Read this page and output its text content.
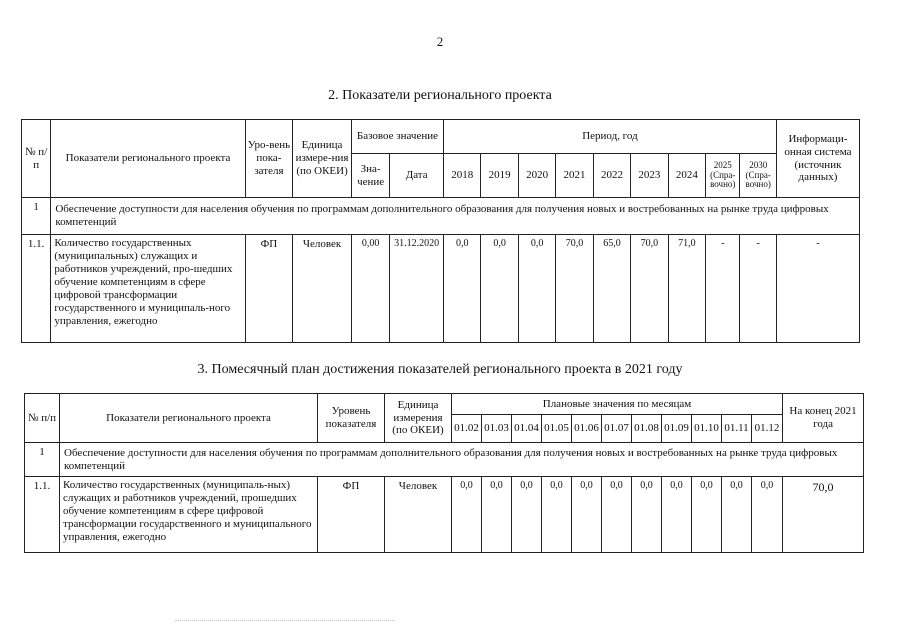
2
2. Показатели регионального проекта
№ п/п	Показатели регионального проекта	Уро-вень пока-зателя	Единица измере-ния (по ОКЕИ)	Базовое значение		Период, год									Информаци-онная система (источник данных)
				Зна-чение	Дата	2018	2019	2020	2021	2022	2023	2024	2025 (Спра-вочно)	2030 (Спра-вочно)	
1	Обеспечение доступности для населения обучения по программам дополнительного образования для получения новых и востребованных на рынке труда цифровых компетенций														
1.1.	Количество государственных (муниципальных) служащих и работников учреждений, про-шедших обучение компетенциям в сфере цифровой трансформации государственного и муниципаль-ного управления, ежегодно	ФП	Человек	0,00	31.12.2020	0,0	0,0	0,0	70,0	65,0	70,0	71,0	-	-	-
3. Помесячный план достижения показателей регионального проекта в 2021 году
№ п/п	Показатели регионального проекта	Уровень показателя	Единица измерения (по ОКЕИ)	Плановые значения по месяцам											На конец 2021 года
				01.02	01.03	01.04	01.05	01.06	01.07	01.08	01.09	01.10	01.11	01.12	
1	Обеспечение доступности для населения обучения по программам дополнительного образования для получения новых и востребованных на рынке труда цифровых компетенций														
1.1.	Количество государственных (муниципаль-ных) служащих и работников учреждений, прошедших обучение компетенциям в сфере цифровой трансформации государственного и муниципального управления, ежегодно	ФП	Человек	0,0	0,0	0,0	0,0	0,0	0,0	0,0	0,0	0,0	0,0	0,0	70,0
